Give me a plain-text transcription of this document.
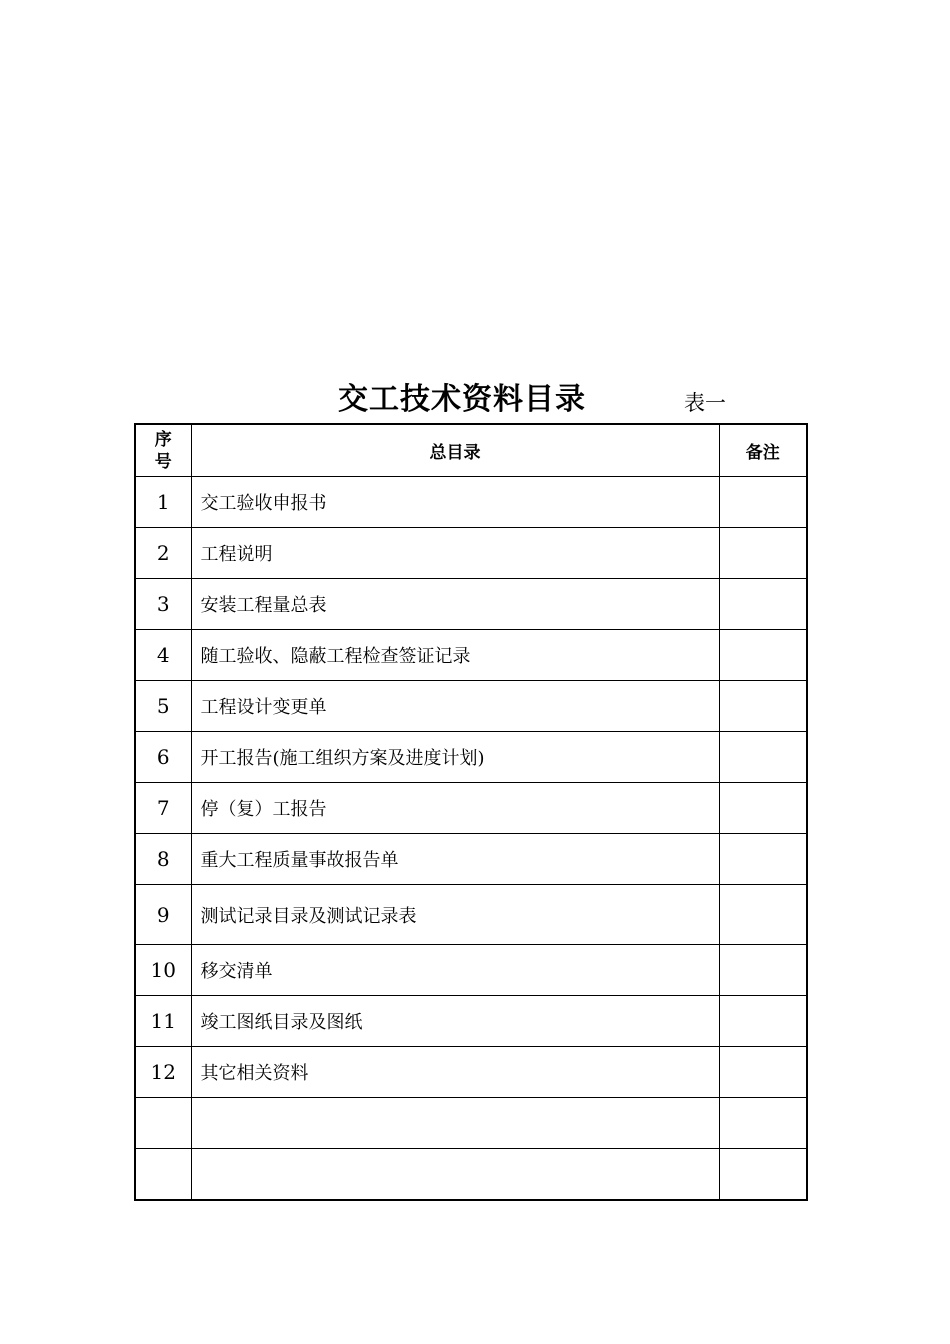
交工技术资料目录	表一
序
号	总目录	备注
1	交工验收申报书	
2	工程说明	
3	安装工程量总表	
4	随工验收、隐蔽工程检查签证记录	
5	工程设计变更单	
6	开工报告(施工组织方案及进度计划)	
7	停（复）工报告	
8	重大工程质量事故报告单	
9	测试记录目录及测试记录表	
10	移交清单	
11	竣工图纸目录及图纸	
12	其它相关资料	
